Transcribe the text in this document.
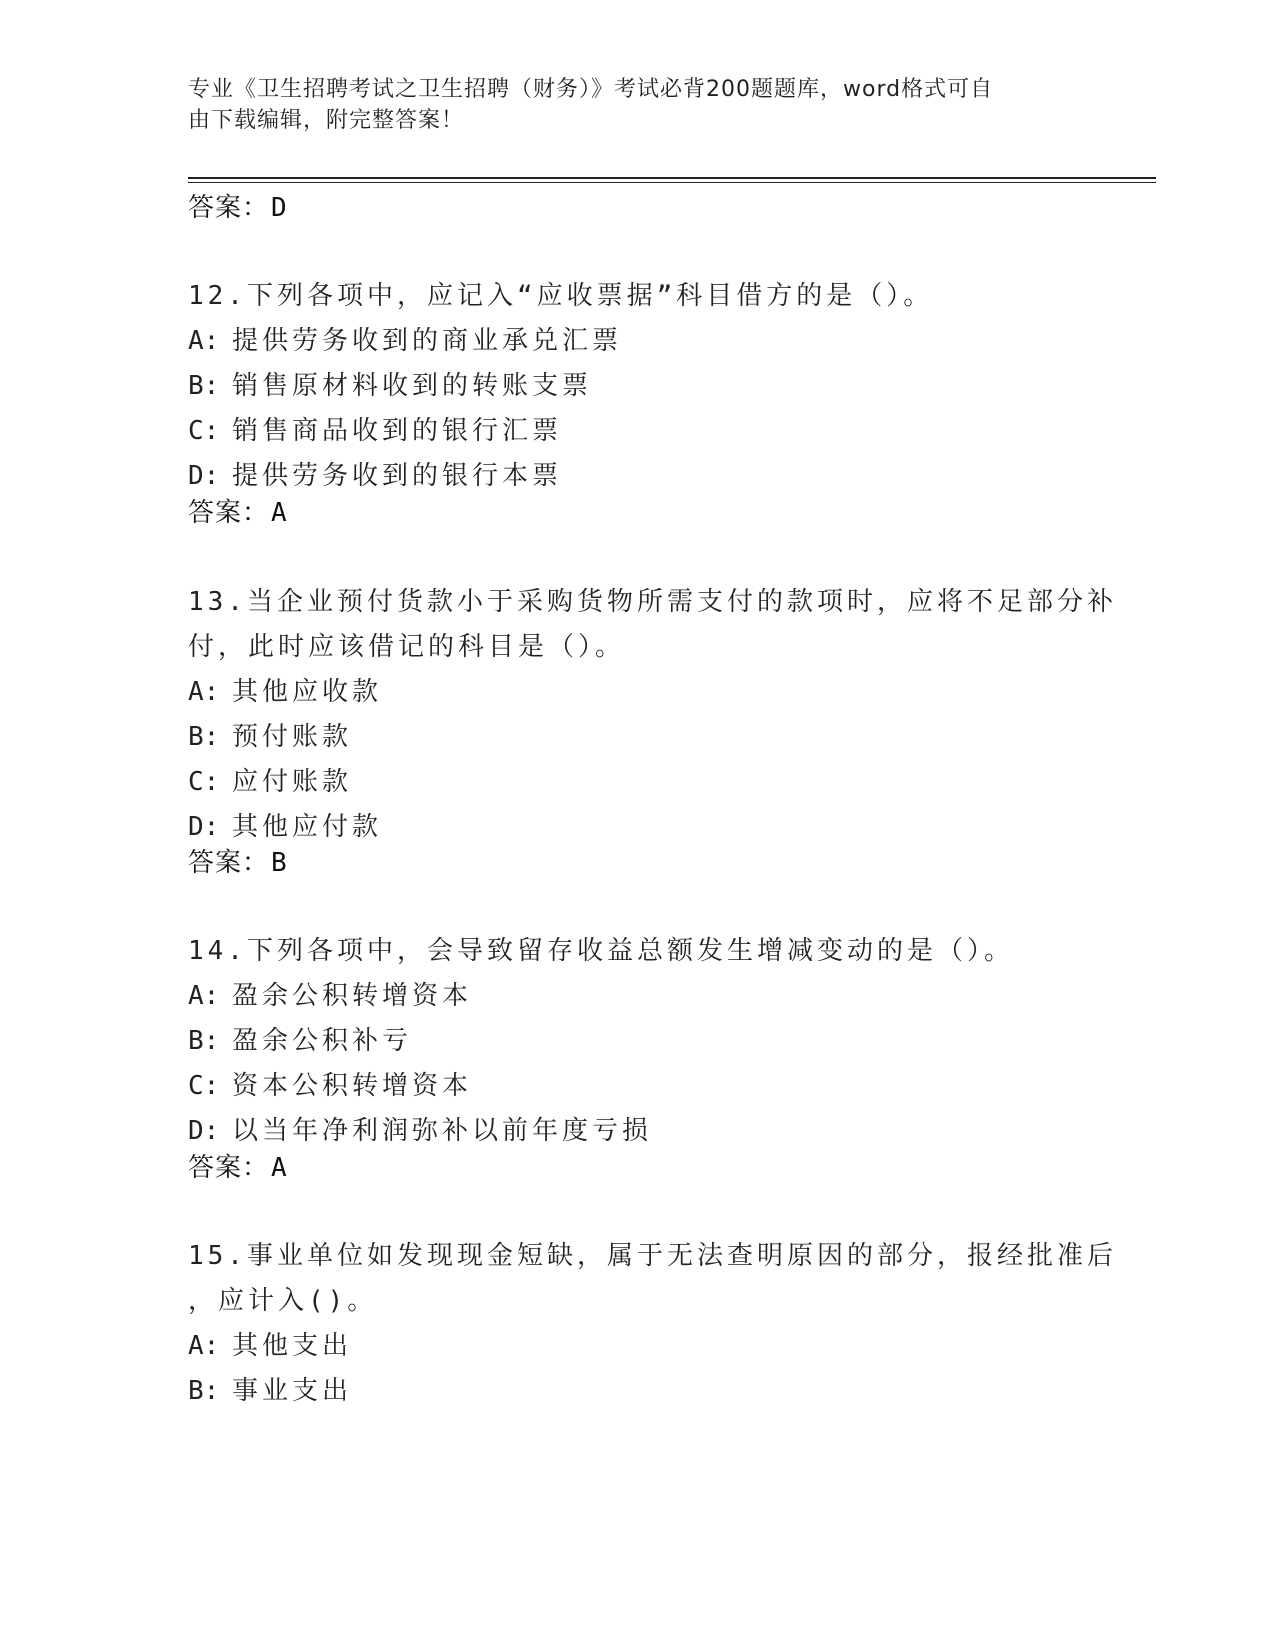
专业《卫生招聘考试之卫生招聘（财务）》考试必背200题题库，word格式可自
由下载编辑，附完整答案！
答案：D
12.下列各项中，应记入“应收票据”科目借方的是（）。
A: 提供劳务收到的商业承兑汇票
B: 销售原材料收到的转账支票
C: 销售商品收到的银行汇票
D: 提供劳务收到的银行本票
答案：A
13.当企业预付货款小于采购货物所需支付的款项时，应将不足部分补
付，此时应该借记的科目是（）。
A: 其他应收款
B: 预付账款
C: 应付账款
D: 其他应付款
答案：B
14.下列各项中，会导致留存收益总额发生增减变动的是（）。
A: 盈余公积转增资本
B: 盈余公积补亏
C: 资本公积转增资本
D: 以当年净利润弥补以前年度亏损
答案：A
15.事业单位如发现现金短缺，属于无法查明原因的部分，报经批准后
，应计入()。
A: 其他支出
B: 事业支出
